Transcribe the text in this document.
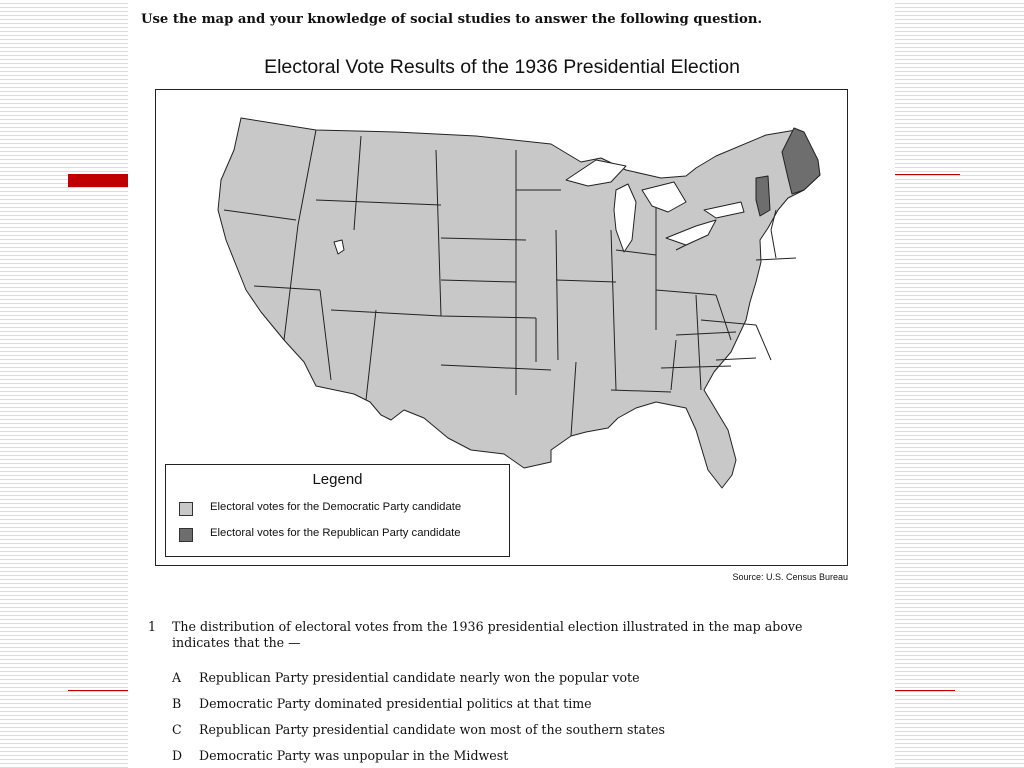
Use the map and your knowledge of social studies to answer the following question.
Electoral Vote Results of the 1936 Presidential Election
Legend
Electoral votes for the Democratic Party candidate
Electoral votes for the Republican Party candidate
Source: U.S. Census Bureau
1 The distribution of electoral votes from the 1936 presidential election illustrated in the map above indicates that the —
A Republican Party presidential candidate nearly won the popular vote
B Democratic Party dominated presidential politics at that time
C Republican Party presidential candidate won most of the southern states
D Democratic Party was unpopular in the Midwest
